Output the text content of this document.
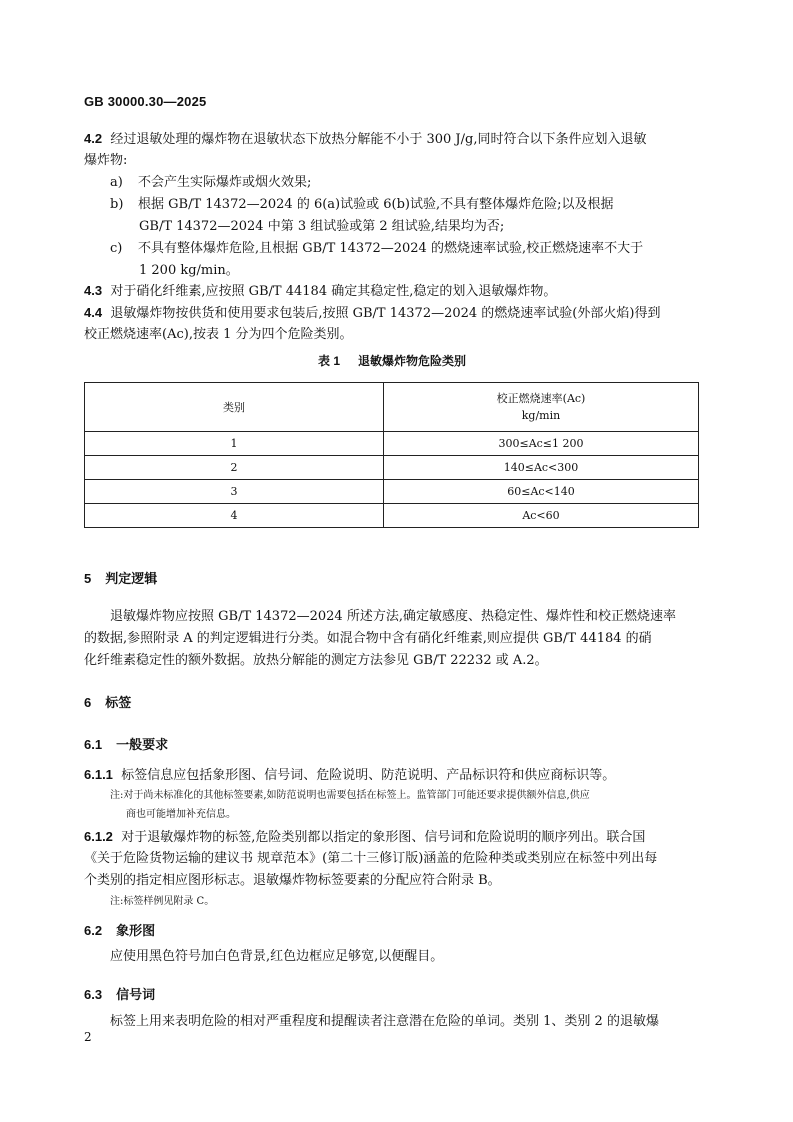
GB 30000.30—2025
4.2 经过退敏处理的爆炸物在退敏状态下放热分解能不小于 300 J/g,同时符合以下条件应划入退敏
爆炸物:
a) 不会产生实际爆炸或烟火效果;
b) 根据 GB/T 14372—2024 的 6(a)试验或 6(b)试验,不具有整体爆炸危险;以及根据
GB/T 14372—2024 中第 3 组试验或第 2 组试验,结果均为否;
c) 不具有整体爆炸危险,且根据 GB/T 14372—2024 的燃烧速率试验,校正燃烧速率不大于
1 200 kg/min。
4.3 对于硝化纤维素,应按照 GB/T 44184 确定其稳定性,稳定的划入退敏爆炸物。
4.4 退敏爆炸物按供货和使用要求包装后,按照 GB/T 14372—2024 的燃烧速率试验(外部火焰)得到
校正燃烧速率(Ac),按表 1 分为四个危险类别。
表 1 退敏爆炸物危险类别
类别	校正燃烧速率(Ac)
kg/min

1	300≤Ac≤1 200
2	140≤Ac<300
3	60≤Ac<140
4	Ac<60
5 判定逻辑
退敏爆炸物应按照 GB/T 14372—2024 所述方法,确定敏感度、热稳定性、爆炸性和校正燃烧速率
的数据,参照附录 A 的判定逻辑进行分类。如混合物中含有硝化纤维素,则应提供 GB/T 44184 的硝
化纤维素稳定性的额外数据。放热分解能的测定方法参见 GB/T 22232 或 A.2。
6 标签
6.1 一般要求
6.1.1 标签信息应包括象形图、信号词、危险说明、防范说明、产品标识符和供应商标识等。
注:对于尚未标准化的其他标签要素,如防范说明也需要包括在标签上。监管部门可能还要求提供额外信息,供应
商也可能增加补充信息。
6.1.2 对于退敏爆炸物的标签,危险类别都以指定的象形图、信号词和危险说明的顺序列出。联合国
《关于危险货物运输的建议书 规章范本》(第二十三修订版)涵盖的危险种类或类别应在标签中列出每
个类别的指定相应图形标志。退敏爆炸物标签要素的分配应符合附录 B。
注:标签样例见附录 C。
6.2 象形图
应使用黑色符号加白色背景,红色边框应足够宽,以便醒目。
6.3 信号词
标签上用来表明危险的相对严重程度和提醒读者注意潜在危险的单词。类别 1、类别 2 的退敏爆
2
